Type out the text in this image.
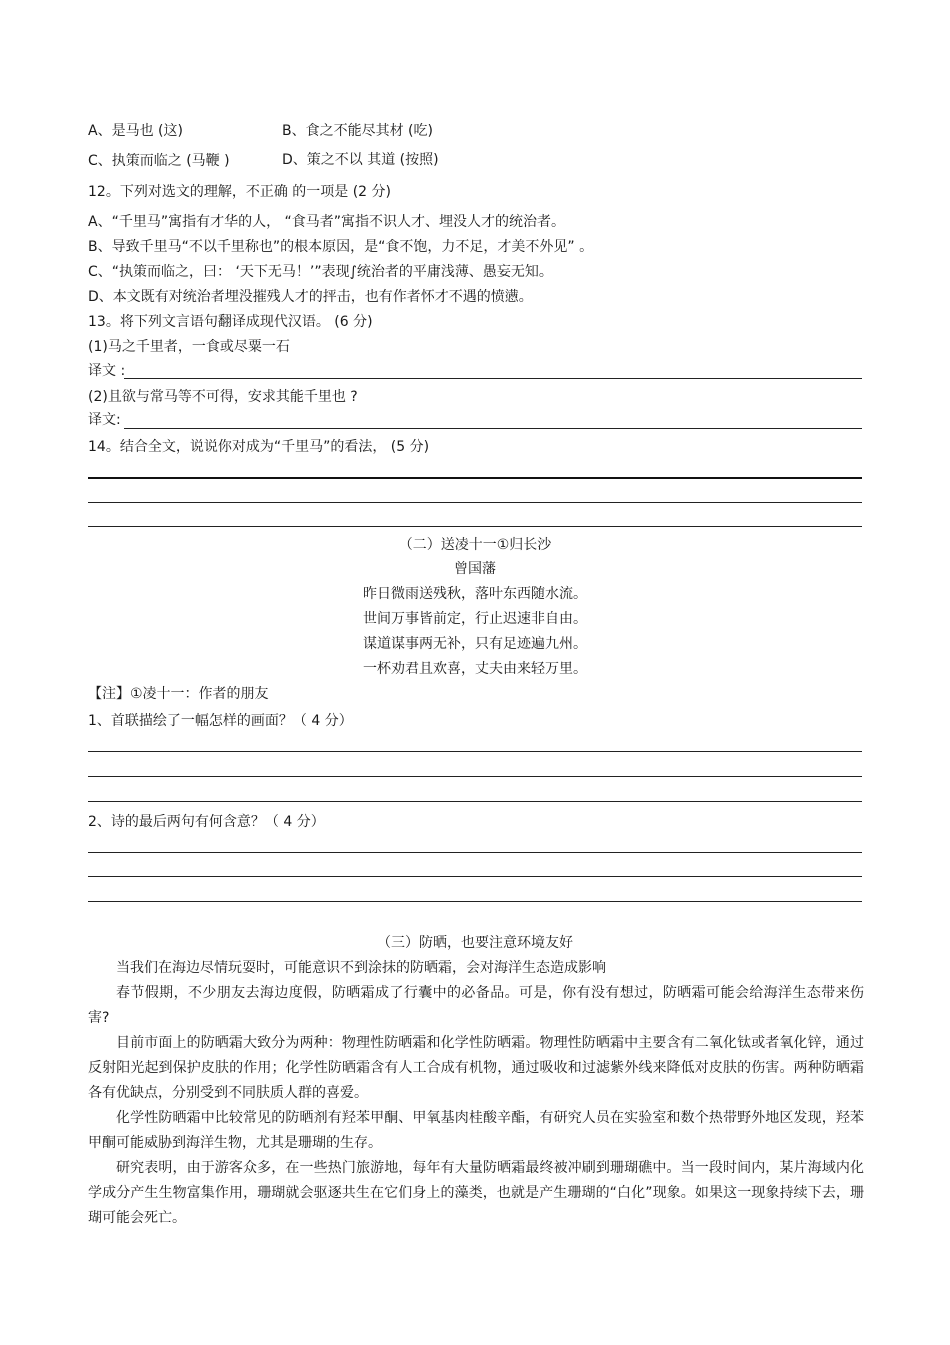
A、是马也 (这)	B、食之不能尽其材 (吃)
C、执策而临之 (马鞭 )	D、策之不以 其道 (按照)
12。下列对选文的理解，不正确 的一项是 (2 分)
A、“千里马”寓指有才华的人， “食马者”寓指不识人才、埋没人才的统治者。
B、导致千里马“不以千里称也”的根本原因，是“食不饱，力不足，才美不外见” 。
C、“执策而临之，曰： ‘天下无马！’”表现∫统治者的平庸浅薄、愚妄无知。
D、本文既有对统治者埋没摧残人才的抨击，也有作者怀才不遇的愤懑。
13。将下列文言语句翻译成现代汉语。 (6 分)
(1)马之千里者，一食或尽粟一石
译文 :
(2)且欲与常马等不可得，安求其能千里也 ?
译文:
14。结合全文，说说你对成为“千里马”的看法， (5 分)
（二）送凌十一①归长沙
曾国藩
昨日微雨送残秋，落叶东西随水流。
世间万事皆前定，行止迟速非自由。
谋道谋事两无补，只有足迹遍九州。
一杯劝君且欢喜，丈夫由来轻万里。
【注】①凌十一：作者的朋友
1、首联描绘了一幅怎样的画面？（ 4 分）
2、诗的最后两句有何含意？（ 4 分）
（三）防晒，也要注意环境友好

当我们在海边尽情玩耍时，可能意识不到涂抹的防晒霜，会对海洋生态造成影响

春节假期，不少朋友去海边度假，防晒霜成了行囊中的必备品。可是，你有没有想过，防晒霜可能会给海洋生态带来伤害?

目前市面上的防晒霜大致分为两种：物理性防晒霜和化学性防晒霜。物理性防晒霜中主要含有二氧化钛或者氧化锌，通过反射阳光起到保护皮肤的作用；化学性防晒霜含有人工合成有机物，通过吸收和过滤紫外线来降低对皮肤的伤害。两种防晒霜各有优缺点，分别受到不同肤质人群的喜爱。

化学性防晒霜中比较常见的防晒剂有羟苯甲酮、甲氧基肉桂酸辛酯，有研究人员在实验室和数个热带野外地区发现，羟苯甲酮可能威胁到海洋生物，尤其是珊瑚的生存。

研究表明，由于游客众多，在一些热门旅游地，每年有大量防晒霜最终被冲刷到珊瑚礁中。当一段时间内，某片海域内化学成分产生生物富集作用，珊瑚就会驱逐共生在它们身上的藻类，也就是产生珊瑚的“白化”现象。如果这一现象持续下去，珊瑚可能会死亡。
